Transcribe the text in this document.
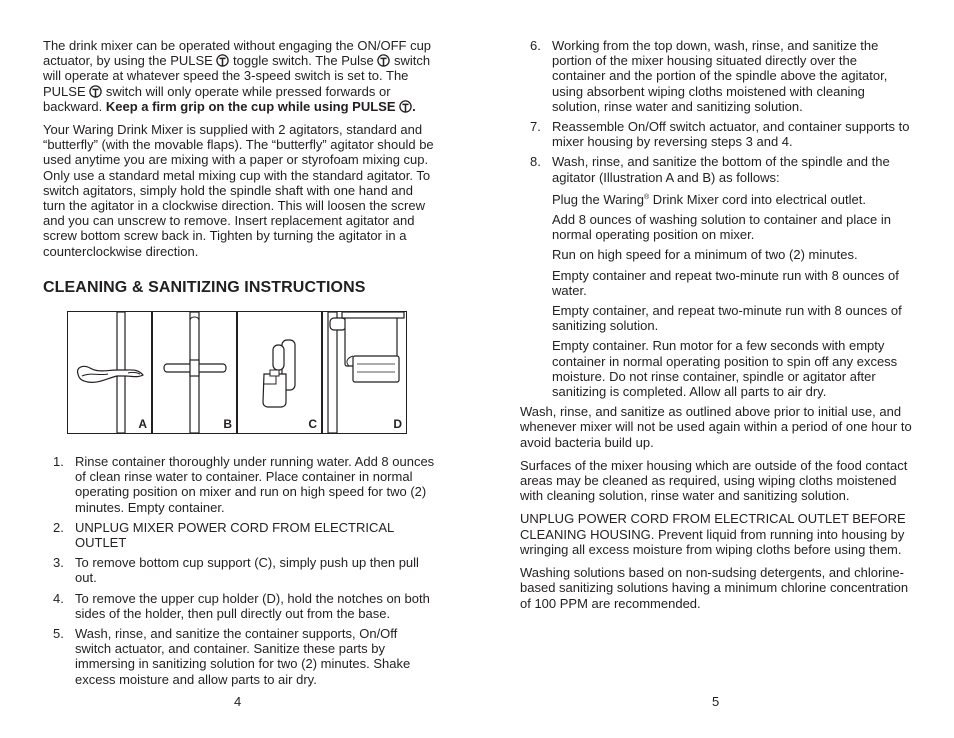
The drink mixer can be operated without engaging the ON/OFF cup actuator, by using the PULSE
toggle switch. The Pulse
switch will operate at whatever speed the 3-speed switch is set to. The PULSE
switch will only operate while pressed forwards or backward. Keep a firm grip on the cup while using PULSE
.

Your Waring Drink Mixer is supplied with 2 agitators, standard and “butterfly” (with the movable flaps). The “butterfly” agitator should be used anytime you are mixing with a paper or styrofoam mixing cup. Only use a standard metal mixing cup with the standard agitator. To switch agitators, simply hold the spindle shaft with one hand and turn the agitator in a clockwise direction. This will loosen the screw and you can unscrew to remove. Insert replacement agitator and screw bottom screw back in. Tighten by turning the agitator in a counterclockwise direction.

CLEANING & SANITIZING INSTRUCTIONS
A	B	C	D
1. Rinse container thoroughly under running water. Add 8 ounces of clean rinse water to container. Place container in normal operating position on mixer and run on high speed for two (2) minutes. Empty container.
2. UNPLUG MIXER POWER CORD FROM ELECTRICAL OUTLET
3. To remove bottom cup support (C), simply push up then pull out.
4. To remove the upper cup holder (D), hold the notches on both sides of the holder, then pull directly out from the base.
5. Wash, rinse, and sanitize the container supports, On/Off switch actuator, and container. Sanitize these parts by immersing in sanitizing solution for two (2) minutes. Shake excess moisture and allow parts to air dry.
4
6. Working from the top down, wash, rinse, and sanitize the portion of the mixer housing situated directly over the container and the portion of the spindle above the agitator, using absorbent wiping cloths moistened with cleaning solution, rinse water and sanitizing solution.
7. Reassemble On/Off switch actuator, and container supports to mixer housing by reversing steps 3 and 4.
8. Wash, rinse, and sanitize the bottom of the spindle and the agitator (Illustration A and B) as follows:

Plug the Waring® Drink Mixer cord into electrical outlet.

Add 8 ounces of washing solution to container and place in normal operating position on mixer.

Run on high speed for a minimum of two (2) minutes.

Empty container and repeat two-minute run with 8 ounces of water.

Empty container, and repeat two-minute run with 8 ounces of sanitizing solution.

Empty container. Run motor for a few seconds with empty container in normal operating position to spin off any excess moisture. Do not rinse container, spindle or agitator after sanitizing is completed. Allow all parts to air dry.

Wash, rinse, and sanitize as outlined above prior to initial use, and whenever mixer will not be used again within a period of one hour to avoid bacteria build up.

Surfaces of the mixer housing which are outside of the food contact areas may be cleaned as required, using wiping cloths moistened with cleaning solution, rinse water and sanitizing solution.

UNPLUG POWER CORD FROM ELECTRICAL OUTLET BEFORE CLEANING HOUSING. Prevent liquid from running into housing by wringing all excess moisture from wiping cloths before using them.

Washing solutions based on non-sudsing detergents, and chlorine-based sanitizing solutions having a minimum chlorine concentration of 100 PPM are recommended.

5
